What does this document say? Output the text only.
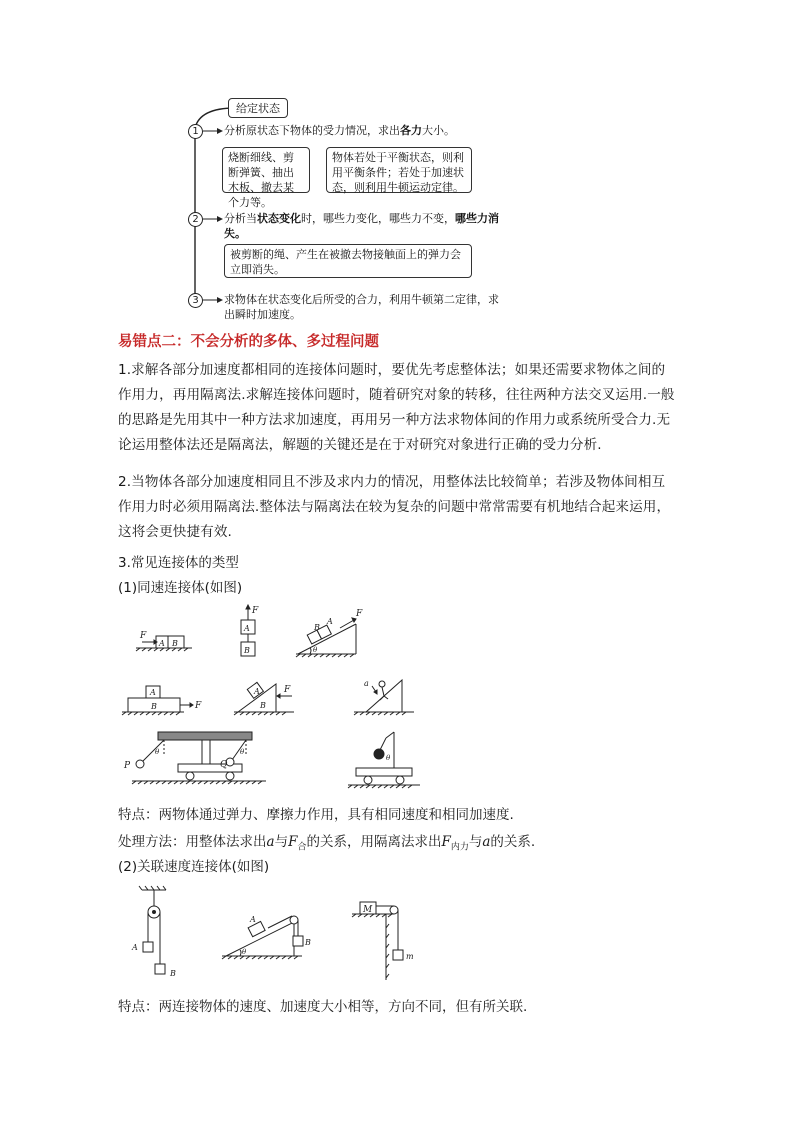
给定状态
1	分析原状态下物体的受力情况，求出各力大小。
烧断细线、剪断弹簧、抽出木板、撤去某个力等。
物体若处于平衡状态，则利用平衡条件；若处于加速状态，则利用牛顿运动定律。
2	分析当状态变化时，哪些力变化，哪些力不变，哪些力消失。
被剪断的绳、产生在被撤去物接触面上的弹力会立即消失。
3	求物体在状态变化后所受的合力，利用牛顿第二定律，求出瞬时加速度。
易错点二：不会分析的多体、多过程问题
1.求解各部分加速度都相同的连接体问题时，要优先考虑整体法；如果还需要求物体之间的作用力，再用隔离法.求解连接体问题时，随着研究对象的转移，往往两种方法交叉运用.一般的思路是先用其中一种方法求加速度，再用另一种方法求物体间的作用力或系统所受合力.无论运用整体法还是隔离法，解题的关键还是在于对研究对象进行正确的受力分析.
2.当物体各部分加速度相同且不涉及求内力的情况，用整体法比较简单；若涉及物体间相互作用力时必须用隔离法.整体法与隔离法在较为复杂的问题中常常需要有机地结合起来运用，这将会更快捷有效.
3.常见连接体的类型
(1)同速连接体(如图)
F
A B
F
A
B	θ
A
B
F
A
B	F
A
B
F
a
P	Q
θ	θ
θ
特点：两物体通过弹力、摩擦力作用，具有相同速度和相同加速度.
处理方法：用整体法求出a与$F_合$的关系，用隔离法求出$F_{内力}$与a的关系.
(2)关联速度连接体(如图)
A
B
θ
A
B
M
m
特点：两连接物体的速度、加速度大小相等，方向不同，但有所关联.
